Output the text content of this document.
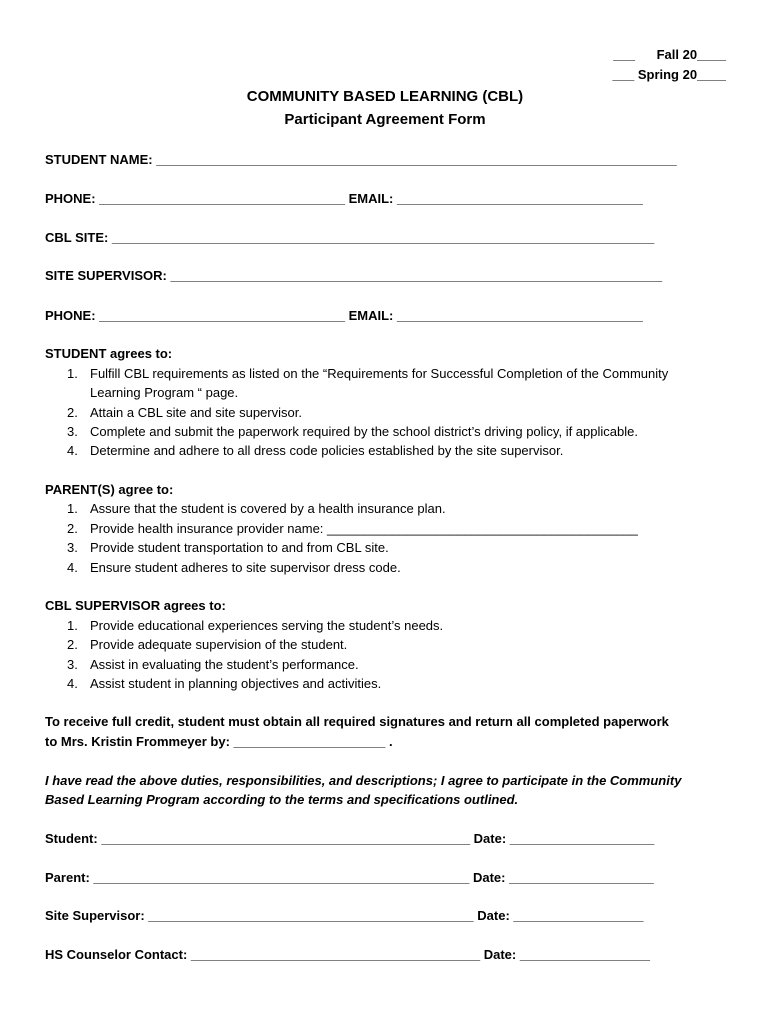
___      Fall 20____
___ Spring 20____
COMMUNITY BASED LEARNING (CBL)
Participant Agreement Form
STUDENT NAME: ________________________________________________________________________
PHONE: __________________________________ EMAIL: __________________________________
CBL SITE: ___________________________________________________________________________
SITE SUPERVISOR: ____________________________________________________________________
PHONE: __________________________________ EMAIL: __________________________________
STUDENT agrees to:
1. Fulfill CBL requirements as listed on the “Requirements for Successful Completion of the Community
Learning Program “ page.
2. Attain a CBL site and site supervisor.
3. Complete and submit the paperwork required by the school district’s driving policy, if applicable.
4. Determine and adhere to all dress code policies established by the site supervisor.
PARENT(S) agree to:
1. Assure that the student is covered by a health insurance plan.
2. Provide health insurance provider name: ___________________________________________
3. Provide student transportation to and from CBL site.
4. Ensure student adheres to site supervisor dress code.
CBL SUPERVISOR agrees to:
1. Provide educational experiences serving the student’s needs.
2. Provide adequate supervision of the student.
3. Assist in evaluating the student’s performance.
4. Assist student in planning objectives and activities.
To receive full credit, student must obtain all required signatures and return all completed paperwork
to Mrs. Kristin Frommeyer by: _____________________ .
I have read the above duties, responsibilities, and descriptions; I agree to participate in the Community
Based Learning Program according to the terms and specifications outlined.
Student: ___________________________________________________ Date: ____________________
Parent: ____________________________________________________ Date: ____________________
Site Supervisor: _____________________________________________ Date: __________________
HS Counselor Contact: ________________________________________ Date: __________________
